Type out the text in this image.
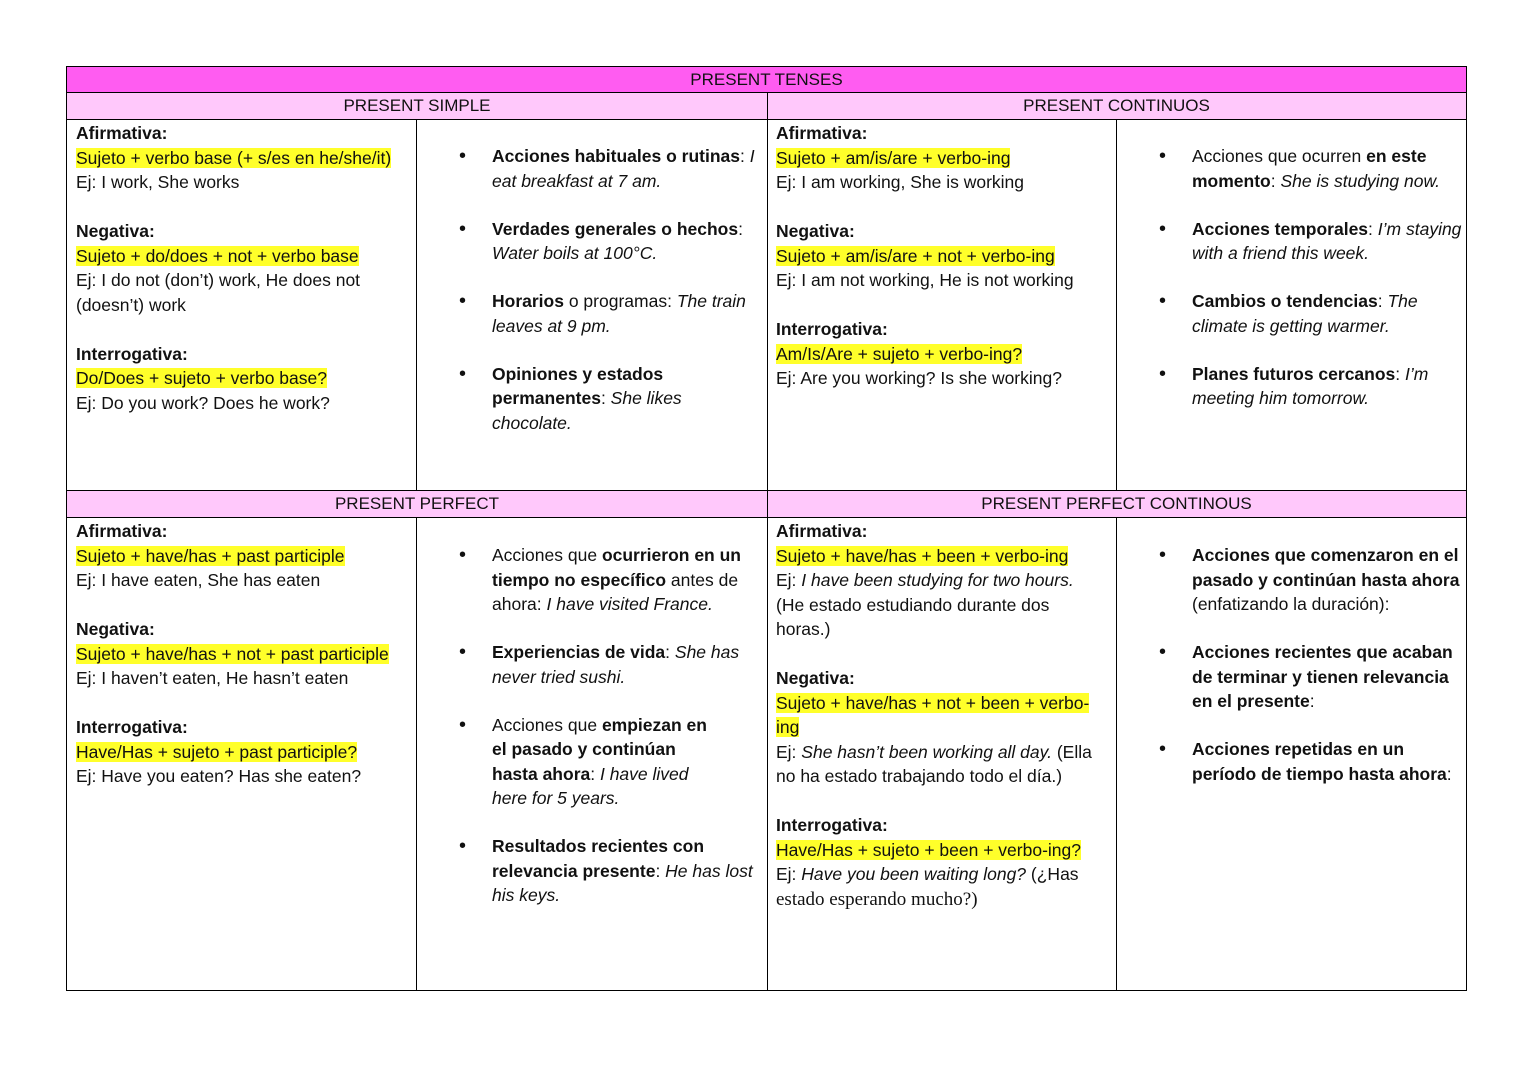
PRESENT TENSES
PRESENT SIMPLE	PRESENT CONTINUOS
PRESENT PERFECT	PRESENT PERFECT CONTINOUS
Afirmativa:
Sujeto + verbo base (+ s/es en he/she/it)
Ej: I work, She works
Negativa:
Sujeto + do/does + not + verbo base
Ej: I do not (don’t) work, He does not (doesn’t) work
Interrogativa:
Do/Does + sujeto + verbo base?
Ej: Do you work? Does he work?
• Acciones habituales o rutinas: I eat breakfast at 7 am.
• Verdades generales o hechos: Water boils at 100°C.
• Horarios o programas: The train leaves at 9 pm.
• Opiniones y estados permanentes: She likes chocolate.
Afirmativa:
Sujeto + am/is/are + verbo-ing
Ej: I am working, She is working
Negativa:
Sujeto + am/is/are + not + verbo-ing
Ej: I am not working, He is not working
Interrogativa:
Am/Is/Are + sujeto + verbo-ing?
Ej: Are you working? Is she working?
• Acciones que ocurren en este momento: She is studying now.
• Acciones temporales: I’m staying with a friend this week.
• Cambios o tendencias: The climate is getting warmer.
• Planes futuros cercanos: I’m meeting him tomorrow.
Afirmativa:
Sujeto + have/has + past participle
Ej: I have eaten, She has eaten
Negativa:
Sujeto + have/has + not + past participle
Ej: I haven’t eaten, He hasn’t eaten
Interrogativa:
Have/Has + sujeto + past participle?
Ej: Have you eaten? Has she eaten?
• Acciones que ocurrieron en un tiempo no específico antes de ahora: I have visited France.
• Experiencias de vida: She has never tried sushi.
• Acciones que empiezan en el pasado y continúan hasta ahora: I have lived here for 5 years.
• Resultados recientes con relevancia presente: He has lost his keys.
Afirmativa:
Sujeto + have/has + been + verbo-ing
Ej: I have been studying for two hours.
(He estado estudiando durante dos horas.)
Negativa:
Sujeto + have/has + not + been + verbo-ing
Ej: She hasn’t been working all day. (Ella no ha estado trabajando todo el día.)
Interrogativa:
Have/Has + sujeto + been + verbo-ing?
Ej: Have you been waiting long? (¿Has
estado esperando mucho?)
• Acciones que comenzaron en el pasado y continúan hasta ahora (enfatizando la duración):
• Acciones recientes que acaban de terminar y tienen relevancia en el presente:
• Acciones repetidas en un período de tiempo hasta ahora:
